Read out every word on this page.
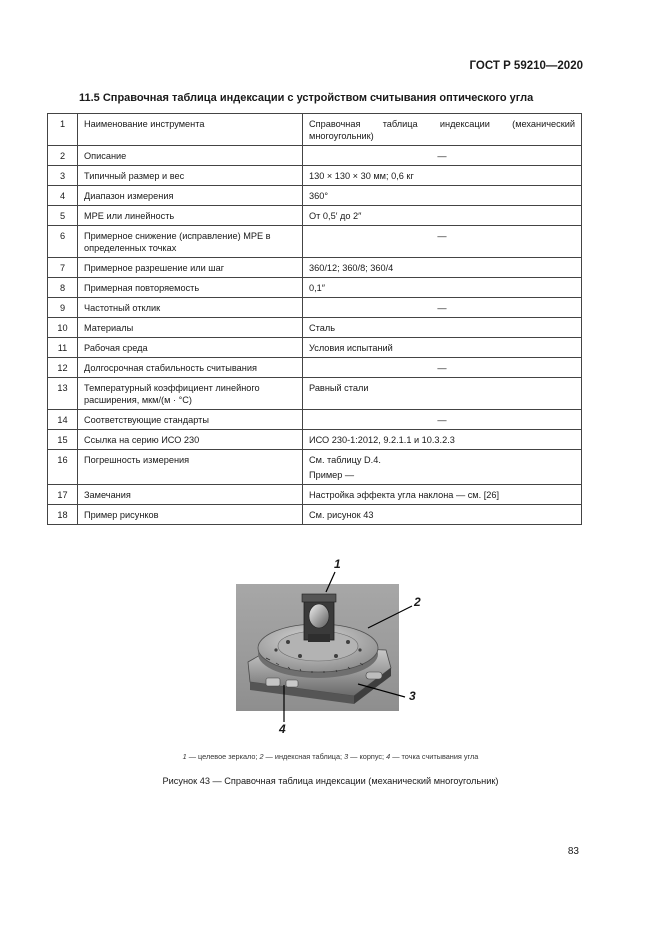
ГОСТ Р 59210—2020
11.5 Справочная таблица индексации с устройством считывания оптического угла
1	Наименование инструмента	Справочная таблица индексации (механический многоугольник)

2	Описание	—

3	Типичный размер и вес	130 × 130 × 30 мм; 0,6 кг

4	Диапазон измерения	360°

5	МРЕ или линейность	От 0,5′ до 2″

6	Примерное снижение (исправление) МРЕ в определенных точках	—

7	Примерное разрешение или шаг	360/12; 360/8; 360/4

8	Примерная повторяемость	0,1″

9	Частотный отклик	—

10	Материалы	Сталь

11	Рабочая среда	Условия испытаний

12	Долгосрочная стабильность считывания	—

13	Температурный коэффициент линейного расширения, мкм/(м · °С)	Равный стали

14	Соответствующие стандарты	—

15	Ссылка на серию ИСО 230	ИСО 230-1:2012, 9.2.1.1 и 10.3.2.3

16	Погрешность измерения	См. таблицу D.4.
Пример —

17	Замечания	Настройка эффекта угла наклона — см. [26]

18	Пример рисунков	См. рисунок 43
1
2
3
4
1 — целевое зеркало; 2 — индексная таблица; 3 — корпус; 4 — точка считывания угла
Рисунок 43 — Справочная таблица индексации (механический многоугольник)
83
